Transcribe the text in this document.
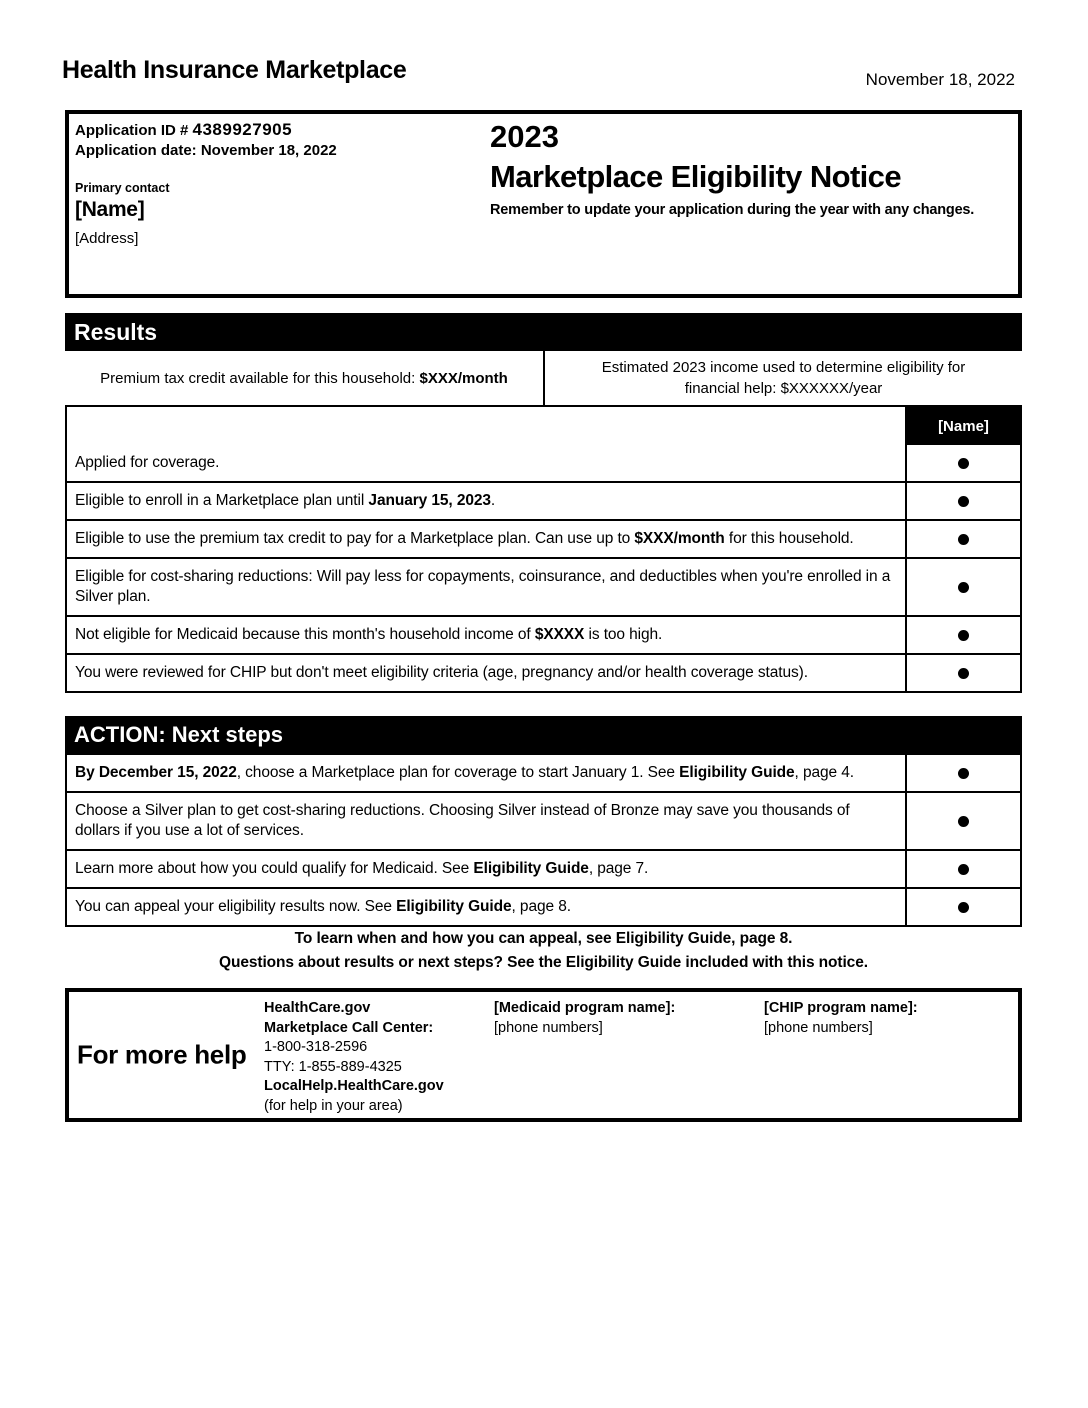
Health Insurance Marketplace	November 18, 2022
Application ID # 4389927905
Application date: November 18, 2022
Primary contact
[Name]
[Address]
2023
Marketplace Eligibility Notice
Remember to update your application during the year with any changes.
Results
Premium tax credit available for this household: $XXX/month
Estimated 2023 income used to determine eligibility for financial help: $XXXXXX/year
[Name]
Applied for coverage.
Eligible to enroll in a Marketplace plan until January 15, 2023.
Eligible to use the premium tax credit to pay for a Marketplace plan. Can use up to $XXX/month for this household.
Eligible for cost-sharing reductions: Will pay less for copayments, coinsurance, and deductibles when you're enrolled in a Silver plan.
Not eligible for Medicaid because this month's household income of $XXXX is too high.
You were reviewed for CHIP but don't meet eligibility criteria (age, pregnancy and/or health coverage status).
ACTION: Next steps
By December 15, 2022, choose a Marketplace plan for coverage to start January 1. See Eligibility Guide, page 4.
Choose a Silver plan to get cost-sharing reductions. Choosing Silver instead of Bronze may save you thousands of dollars if you use a lot of services.
Learn more about how you could qualify for Medicaid. See Eligibility Guide, page 7.
You can appeal your eligibility results now. See Eligibility Guide, page 8.
To learn when and how you can appeal, see Eligibility Guide, page 8.
Questions about results or next steps? See the Eligibility Guide included with this notice.
For more help
HealthCare.gov
Marketplace Call Center:
1-800-318-2596
TTY: 1-855-889-4325
LocalHelp.HealthCare.gov
(for help in your area)
[Medicaid program name]:
[phone numbers]
[CHIP program name]:
[phone numbers]
